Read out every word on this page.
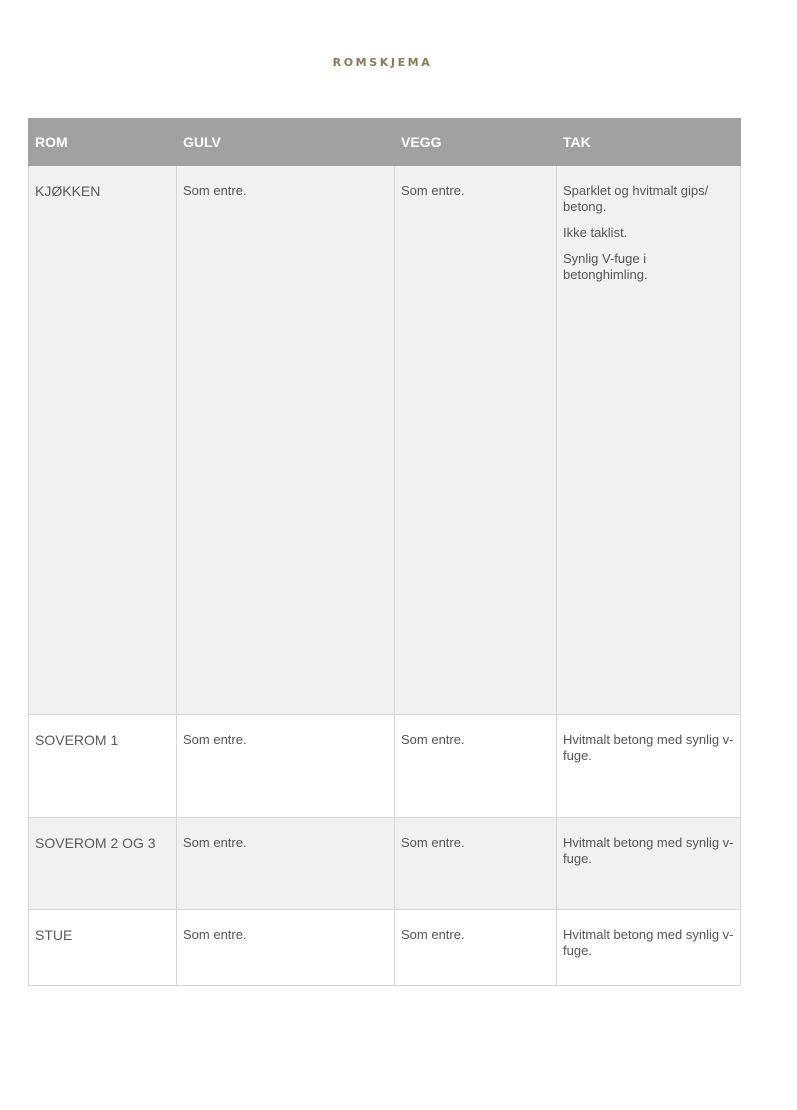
ROMSKJEMA
ROM	GULV	VEGG	TAK
KJØKKEN	Som entre.	Som entre.	Sparklet og hvitmalt gips/ betong.
Ikke taklist.
Synlig V-fuge i betonghimling.

SOVEROM 1	Som entre.	Som entre.	Hvitmalt betong med synlig v-fuge.

SOVEROM 2 OG 3	Som entre.	Som entre.	Hvitmalt betong med synlig v-fuge.

STUE	Som entre.	Som entre.	Hvitmalt betong med synlig v-fuge.
